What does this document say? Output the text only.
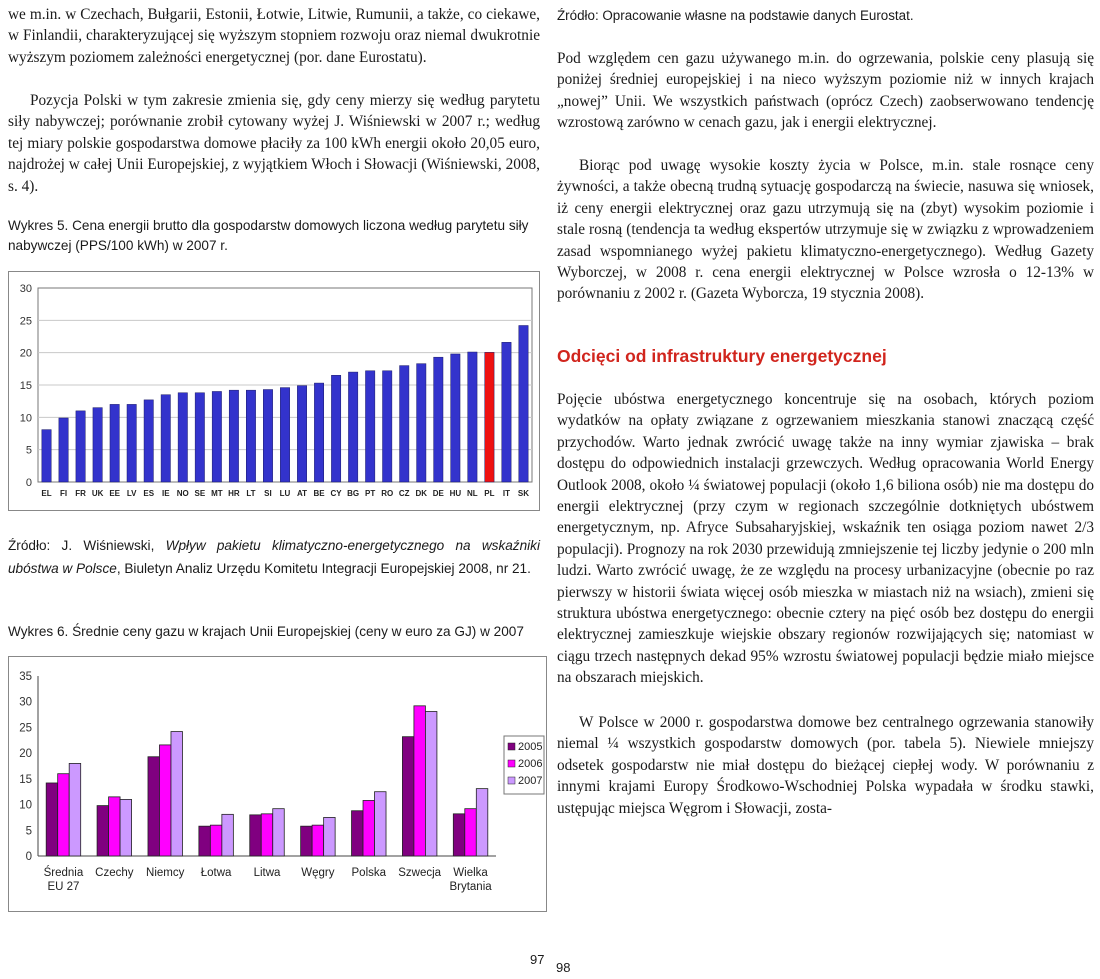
we m.in. w Czechach, Bułgarii, Estonii, Łotwie, Litwie, Rumunii, a także, co ciekawe, w Finlandii, charakteryzującej się wyższym stopniem rozwoju oraz niemal dwukrotnie wyższym poziomem zależności energetycznej (por. dane Eurostatu).

Pozycja Polski w tym zakresie zmienia się, gdy ceny mierzy się według parytetu siły nabywczej; porównanie zrobił cytowany wyżej J. Wiśniewski w 2007 r.; według tej miary polskie gospodarstwa domowe płaciły za 100 kWh energii około 20,05 euro, najdrożej w całej Unii Europejskiej, z wyjątkiem Włoch i Słowacji (Wiśniewski, 2008, s. 4).

Wykres 5. Cena energii brutto dla gospodarstw domowych liczona według parytetu siły nabywczej (PPS/100 kWh) w 2007 r.

0
5
10
15
20
25
30
EL FI FR UK EE LV ES IE NO SE MT HR LT SI LU AT BE CY BG PT RO CZ DK DE HU NL PL IT SK

Źródło: J. Wiśniewski, Wpływ pakietu klimatyczno-energetycznego na wskaźniki ubóstwa w Polsce, Biuletyn Analiz Urzędu Komitetu Integracji Europejskiej 2008, nr 21.

Wykres 6. Średnie ceny gazu w krajach Unii Europejskiej (ceny w euro za GJ) w 2007

0
5
10
15
20
25
30
35
Średnia
EU 27
Czechy Niemcy Łotwa Litwa Węgry Polska Szwecja Wielka
Brytania
2005
2006
2007

Źródło: Opracowanie własne na podstawie danych Eurostat.

Pod względem cen gazu używanego m.in. do ogrzewania, polskie ceny plasują się poniżej średniej europejskiej i na nieco wyższym poziomie niż w innych krajach „nowej” Unii. We wszystkich państwach (oprócz Czech) zaobserwowano tendencję wzrostową zarówno w cenach gazu, jak i energii elektrycznej.

Biorąc pod uwagę wysokie koszty życia w Polsce, m.in. stale rosnące ceny żywności, a także obecną trudną sytuację gospodarczą na świecie, nasuwa się wniosek, iż ceny energii elektrycznej oraz gazu utrzymują się na (zbyt) wysokim poziomie i stale rosną (tendencja ta według ekspertów utrzymuje się w związku z wprowadzeniem zasad wspomnianego wyżej pakietu klimatyczno-energetycznego). Według Gazety Wyborczej, w 2008 r. cena energii elektrycznej w Polsce wzrosła o 12-13% w porównaniu z 2002 r. (Gazeta Wyborcza, 19 stycznia 2008).

Odcięci od infrastruktury energetycznej

Pojęcie ubóstwa energetycznego koncentruje się na osobach, których poziom wydatków na opłaty związane z ogrzewaniem mieszkania stanowi znaczącą część przychodów. Warto jednak zwrócić uwagę także na inny wymiar zjawiska – brak dostępu do odpowiednich instalacji grzewczych. Według opracowania World Energy Outlook 2008, około ¼ światowej populacji (około 1,6 biliona osób) nie ma dostępu do energii elektrycznej (przy czym w regionach szczególnie dotkniętych ubóstwem energetycznym, np. Afryce Subsaharyjskiej, wskaźnik ten osiąga poziom nawet 2/3 populacji). Prognozy na rok 2030 przewidują zmniejszenie tej liczby jedynie o 200 mln ludzi. Warto zwrócić uwagę, że ze względu na procesy urbanizacyjne (obecnie po raz pierwszy w historii świata więcej osób mieszka w miastach niż na wsiach), zmieni się struktura ubóstwa energetycznego: obecnie cztery na pięć osób bez dostępu do energii elektrycznej zamieszkuje wiejskie obszary regionów rozwijających się; natomiast w ciągu trzech następnych dekad 95% wzrostu światowej populacji będzie miało miejsce na obszarach miejskich.

W Polsce w 2000 r. gospodarstwa domowe bez centralnego ogrzewania stanowiły niemal ¼ wszystkich gospodarstw domowych (por. tabela 5). Niewiele mniejszy odsetek gospodarstw nie miał dostępu do bieżącej ciepłej wody. W porównaniu z innymi krajami Europy Środkowo-Wschodniej Polska wypadała w środku stawki, ustępując miejsca Węgrom i Słowacji, zosta-

97
98
